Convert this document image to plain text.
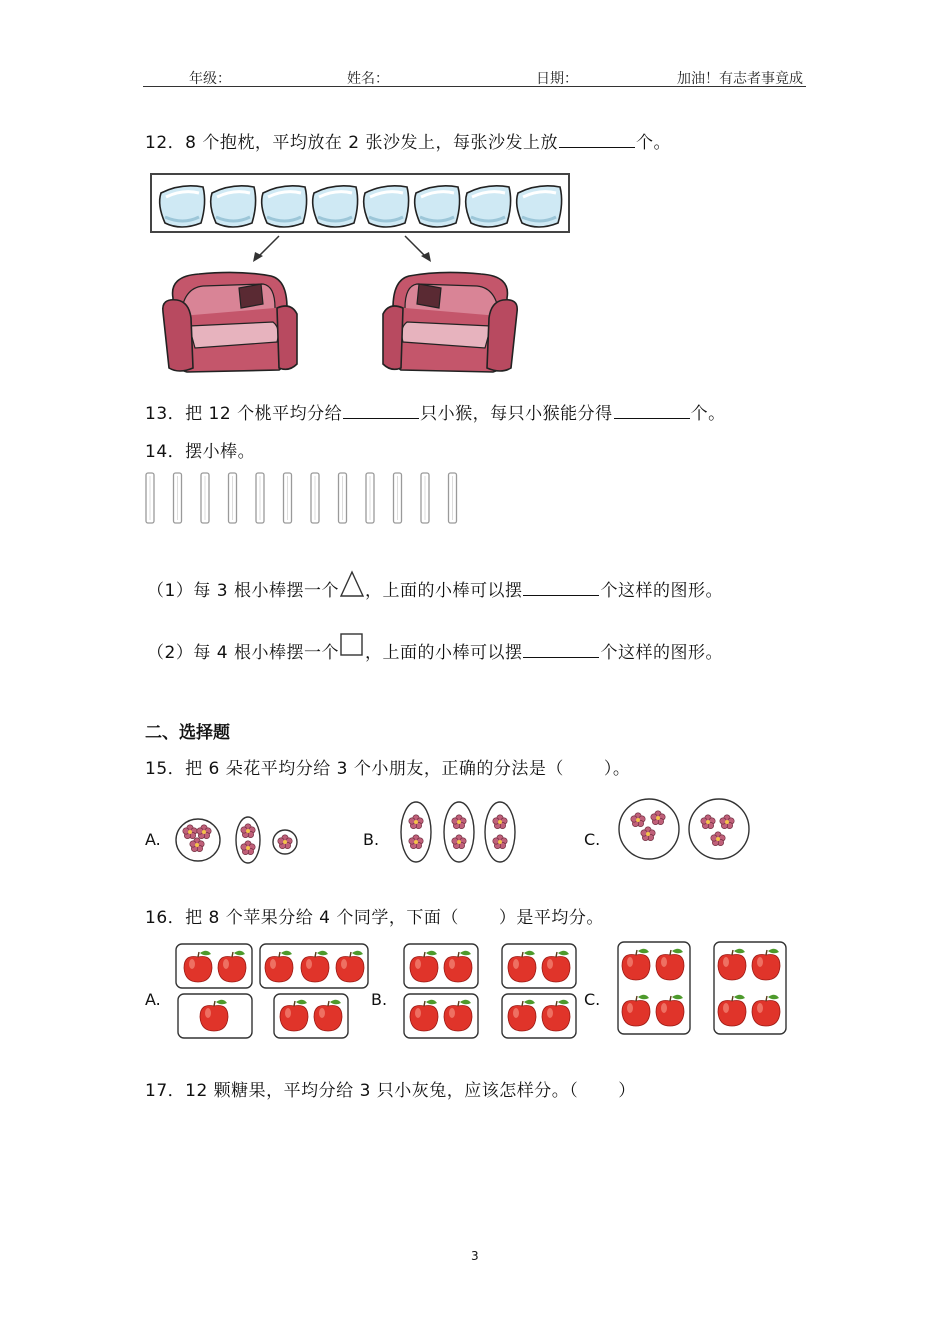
年级：	姓名：	日期：	加油！有志者事竟成
12．8 个抱枕，平均放在 2 张沙发上，每张沙发上放	个。
13．把 12 个桃平均分给	只小猴，每只小猴能分得	个。
14．摆小棒。
（1）每 3 根小棒摆一个 ，上面的小棒可以摆	个这样的图形。
（2）每 4 根小棒摆一个 ，上面的小棒可以摆	个这样的图形。
二、选择题
15．把 6 朵花平均分给 3 个小朋友，正确的分法是（ ）。
A.	B.	C.
16．把 8 个苹果分给 4 个同学，下面（ ）是平均分。
A.	B.	C.
17．12 颗糖果，平均分给 3 只小灰兔，应该怎样分。（ ）
3
